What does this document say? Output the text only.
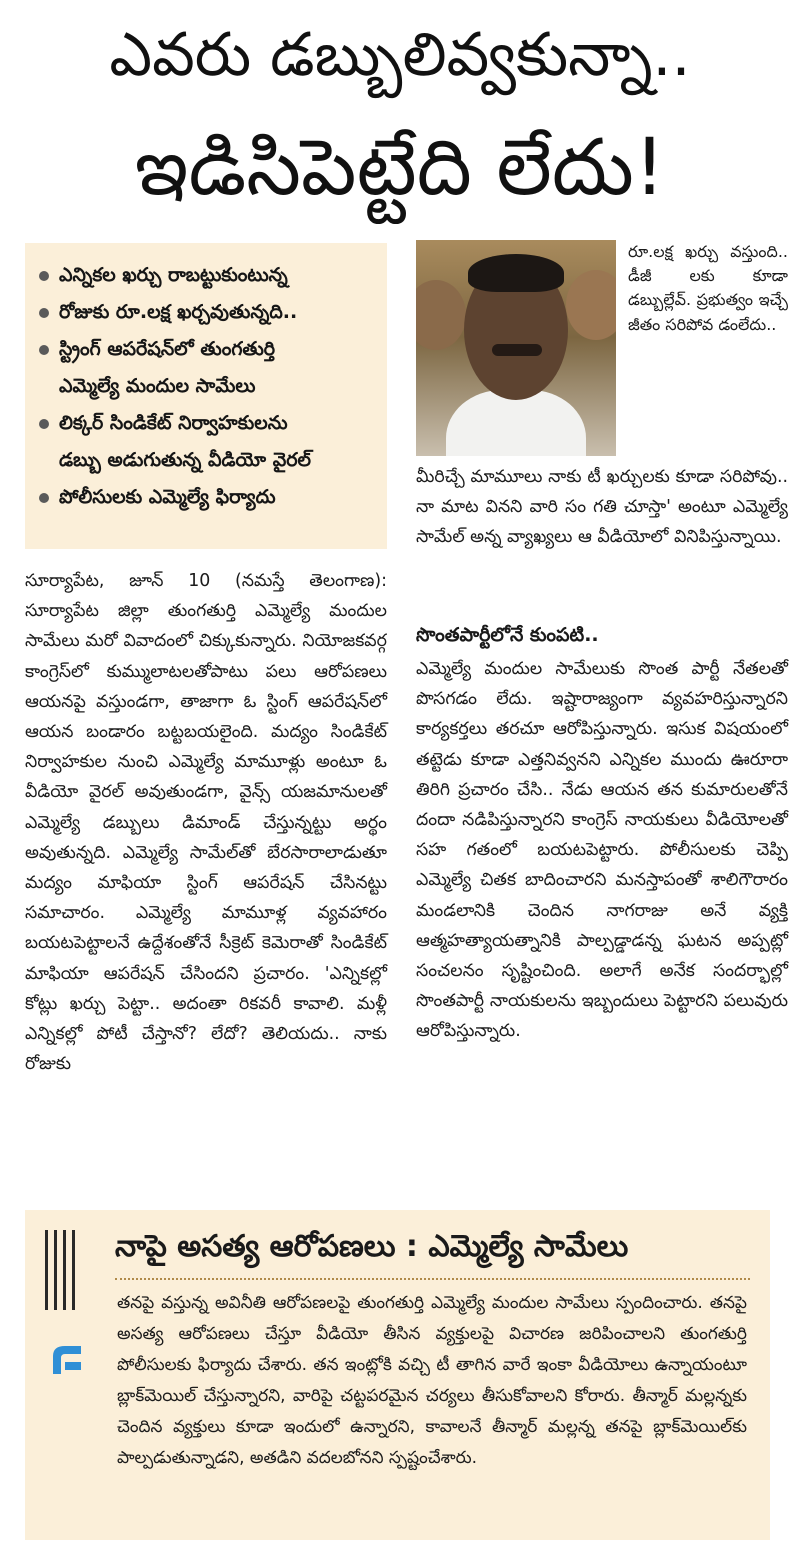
ఎవరు డబ్బులివ్వకున్నా..
ఇడిసిపెట్టేది లేదు!
ఎన్నికల ఖర్చు రాబట్టుకుంటున్న
రోజుకు రూ.లక్ష ఖర్చవుతున్నది..
స్ట్రింగ్ ఆపరేషన్‌లో తుంగతుర్తి
ఎమ్మెల్యే మందుల సామేలు
లిక్కర్ సిండికేట్ నిర్వాహకులను
డబ్బు అడుగుతున్న వీడియో వైరల్
పోలీసులకు ఎమ్మెల్యే ఫిర్యాదు

రూ.లక్ష ఖర్చు వస్తుంది.. డీజీ లకు కూడా డబ్బుల్లేవ్. ప్రభుత్వం ఇచ్చే జీతం సరిపోవ డంలేదు..

మీరిచ్చే మామూలు నాకు టీ ఖర్చులకు కూడా సరిపోవు.. నా మాట వినని వారి సం గతి చూస్తా' అంటూ ఎమ్మెల్యే సామేల్ అన్న వ్యాఖ్యలు ఆ వీడియోలో వినిపిస్తున్నాయి.

సూర్యాపేట, జూన్ 10 (నమస్తే తెలంగాణ): సూర్యాపేట జిల్లా తుంగతుర్తి ఎమ్మెల్యే మందుల సామేలు మరో వివాదంలో చిక్కుకున్నారు. నియోజకవర్గ కాంగ్రెస్‌లో కుమ్ములాటలతోపాటు పలు ఆరోపణలు ఆయనపై వస్తుండగా, తాజాగా ఓ స్టింగ్ ఆపరేషన్‌లో ఆయన బండారం బట్టబయలైంది. మద్యం సిండికేట్ నిర్వాహకుల నుంచి ఎమ్మెల్యే మామూళ్లు అంటూ ఓ వీడియో వైరల్ అవుతుండగా, వైన్స్ యజమానులతో ఎమ్మెల్యే డబ్బులు డిమాండ్ చేస్తున్నట్టు అర్థం అవుతున్నది. ఎమ్మెల్యే సామేల్‌తో బేరసారాలాడుతూ మద్యం మాఫియా స్టింగ్ ఆపరేషన్ చేసినట్టు సమాచారం. ఎమ్మెల్యే మామూళ్ల వ్యవహారం బయటపెట్టాలనే ఉద్దేశంతోనే సీక్రెట్ కెమెరాతో సిండికేట్ మాఫియా ఆపరేషన్ చేసిందని ప్రచారం. 'ఎన్నికల్లో కోట్లు ఖర్చు పెట్టా.. అదంతా రికవరీ కావాలి. మళ్లీ ఎన్నికల్లో పోటీ చేస్తానో? లేదో? తెలియదు.. నాకు రోజుకు

సొంతపార్టీలోనే కుంపటి..

ఎమ్మెల్యే మందుల సామేలుకు సొంత పార్టీ నేతలతో పొసగడం లేదు. ఇష్టారాజ్యంగా వ్యవహరిస్తున్నారని కార్యకర్తలు తరచూ ఆరోపిస్తున్నారు. ఇసుక విషయంలో తట్టెడు కూడా ఎత్తనివ్వనని ఎన్నికల ముందు ఊరూరా తిరిగి ప్రచారం చేసి.. నేడు ఆయన తన కుమారులతోనే దందా నడిపిస్తున్నారని కాంగ్రెస్ నాయకులు వీడియోలతో సహ గతంలో బయటపెట్టారు. పోలీసులకు చెప్పి ఎమ్మెల్యే చితక బాదించారని మనస్తాపంతో శాలిగౌరారం మండలానికి చెందిన నాగరాజు అనే వ్యక్తి ఆత్మహత్యాయత్నానికి పాల్పడ్డాడన్న ఘటన అప్పట్లో సంచలనం సృష్టించింది. అలాగే అనేక సందర్భాల్లో సొంతపార్టీ నాయకులను ఇబ్బందులు పెట్టారని పలువురు ఆరోపిస్తున్నారు.

నాపై అసత్య ఆరోపణలు : ఎమ్మెల్యే సామేలు

తనపై వస్తున్న అవినీతి ఆరోపణలపై తుంగతుర్తి ఎమ్మెల్యే మందుల సామేలు స్పందించారు. తనపై అసత్య ఆరోపణలు చేస్తూ వీడియో తీసిన వ్యక్తులపై విచారణ జరిపించాలని తుంగతుర్తి పోలీసులకు ఫిర్యాదు చేశారు. తన ఇంట్లోకి వచ్చి టీ తాగిన వారే ఇంకా వీడియోలు ఉన్నాయంటూ బ్లాక్‌మెయిల్ చేస్తున్నారని, వారిపై చట్టపరమైన చర్యలు తీసుకోవాలని కోరారు. తీన్మార్ మల్లన్నకు చెందిన వ్యక్తులు కూడా ఇందులో ఉన్నారని, కావాలనే తీన్మార్ మల్లన్న తనపై బ్లాక్‌మెయిల్‌కు పాల్పడుతున్నాడని, అతడిని వదలబోనని స్పష్టంచేశారు.
